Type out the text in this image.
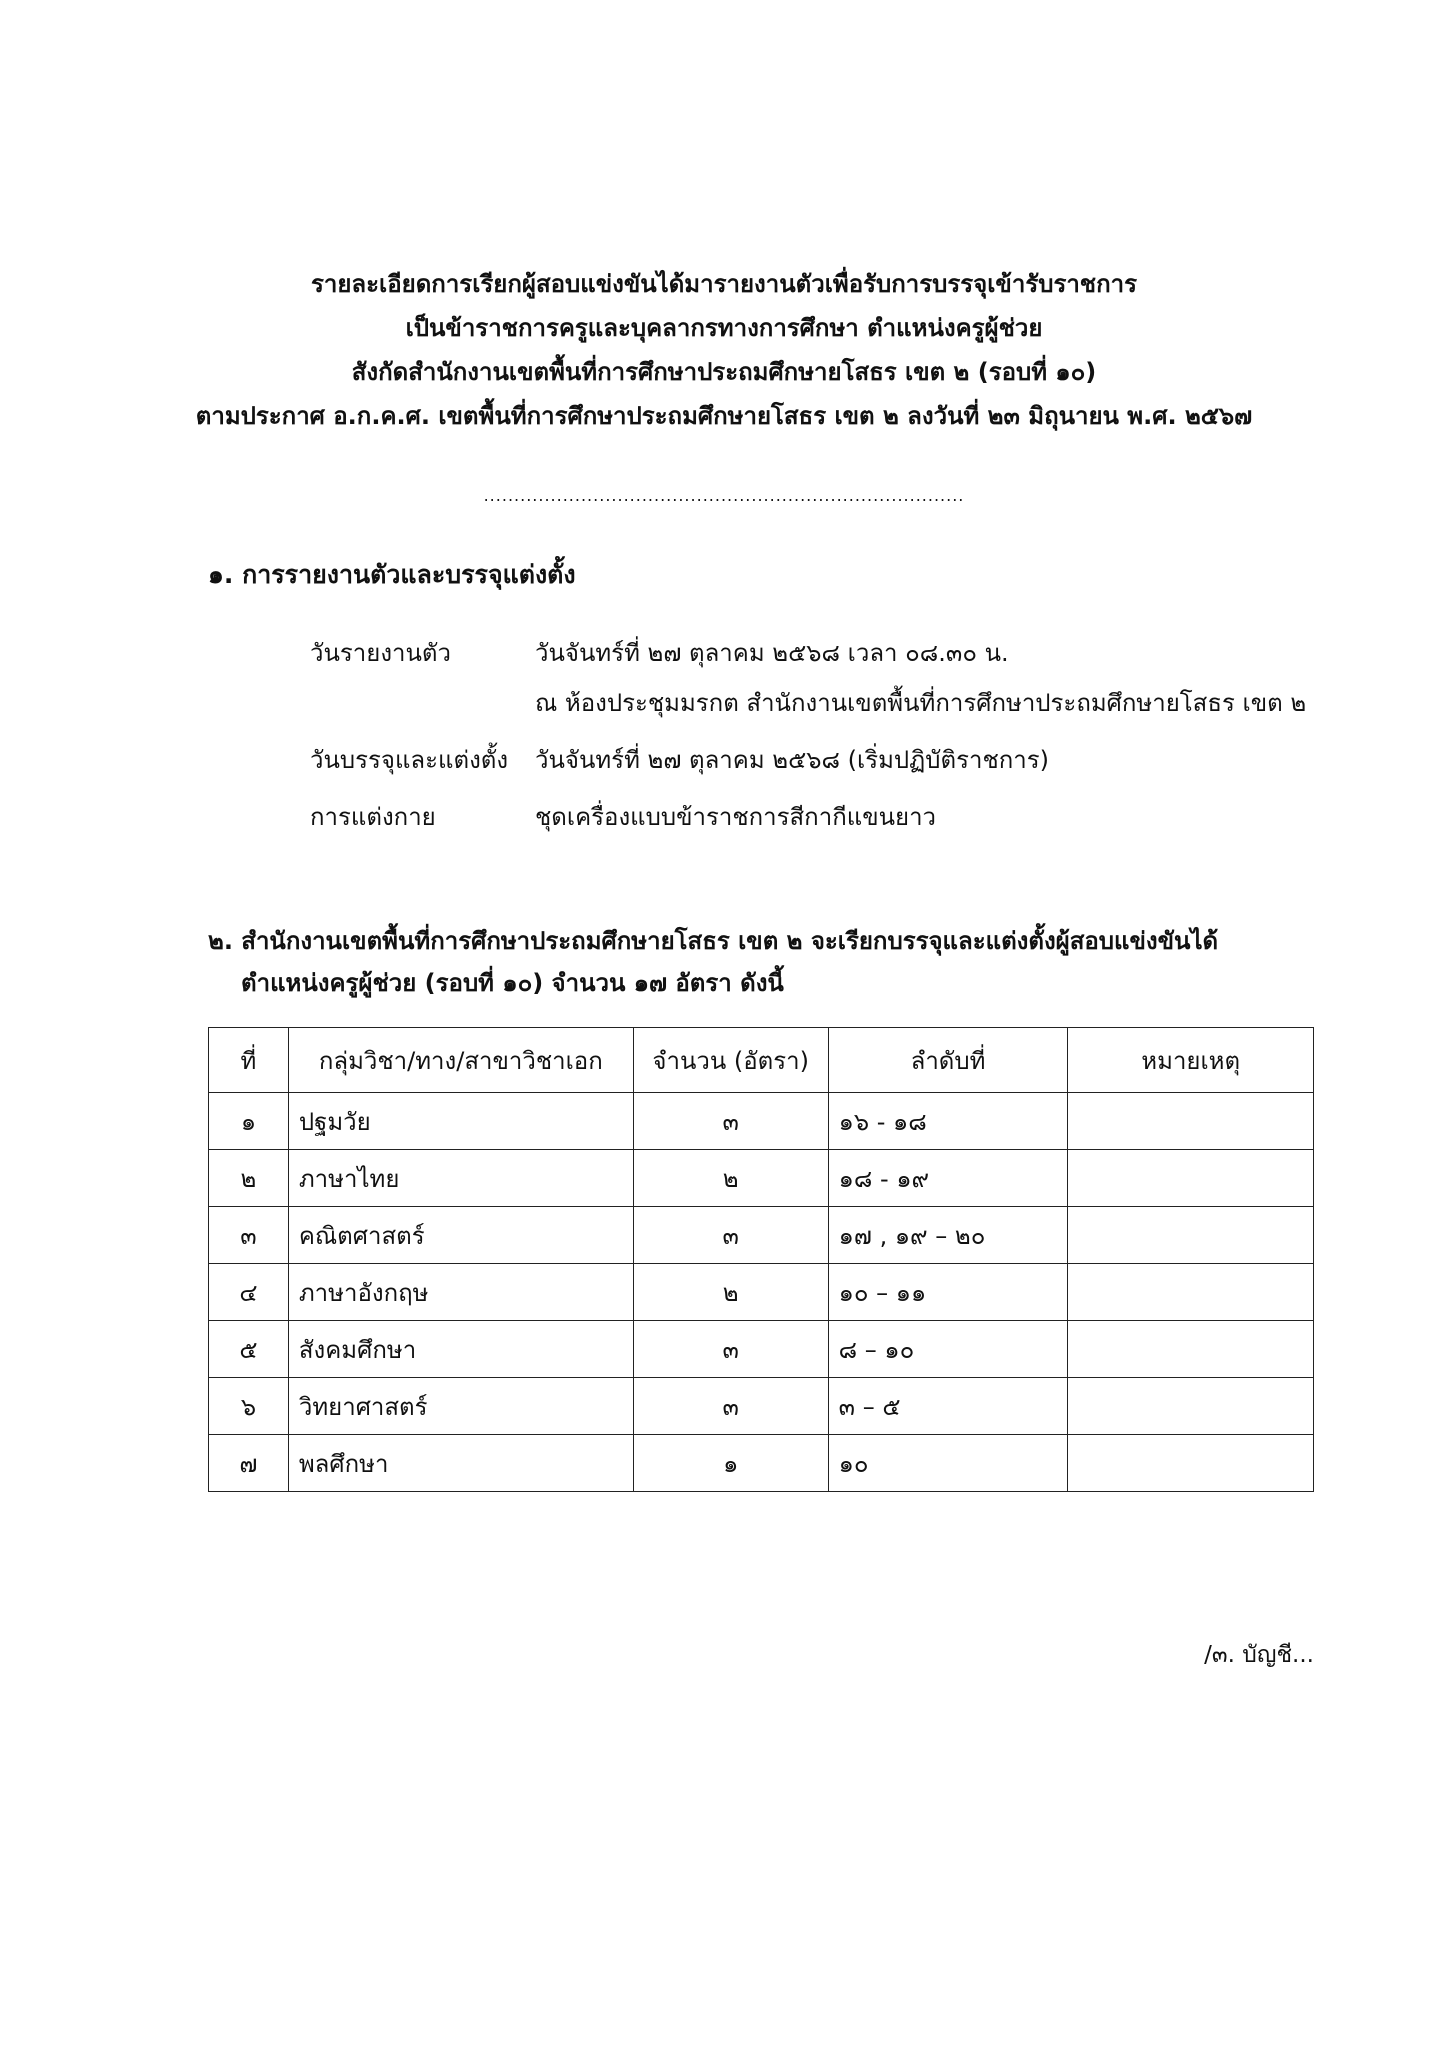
รายละเอียดการเรียกผู้สอบแข่งขันได้มารายงานตัวเพื่อรับการบรรจุเข้ารับราชการ
เป็นข้าราชการครูและบุคลากรทางการศึกษา ตำแหน่งครูผู้ช่วย
สังกัดสำนักงานเขตพื้นที่การศึกษาประถมศึกษายโสธร เขต ๒ (รอบที่ ๑๐)
ตามประกาศ อ.ก.ค.ศ. เขตพื้นที่การศึกษาประถมศึกษายโสธร เขต ๒ ลงวันที่ ๒๓ มิถุนายน พ.ศ. ๒๕๖๗
...............................................................................
๑. การรายงานตัวและบรรจุแต่งตั้ง
วันรายงานตัว	วันจันทร์ที่ ๒๗ ตุลาคม ๒๕๖๘ เวลา ๐๘.๓๐ น.
ณ ห้องประชุมมรกต สำนักงานเขตพื้นที่การศึกษาประถมศึกษายโสธร เขต ๒
วันบรรจุและแต่งตั้ง วันจันทร์ที่ ๒๗ ตุลาคม ๒๕๖๘ (เริ่มปฏิบัติราชการ)
การแต่งกาย	ชุดเครื่องแบบข้าราชการสีกากีแขนยาว
๒. สำนักงานเขตพื้นที่การศึกษาประถมศึกษายโสธร เขต ๒ จะเรียกบรรจุและแต่งตั้งผู้สอบแข่งขันได้
ตำแหน่งครูผู้ช่วย (รอบที่ ๑๐) จำนวน ๑๗ อัตรา ดังนี้
ที่	กลุ่มวิชา/ทาง/สาขาวิชาเอก	จำนวน (อัตรา)	ลำดับที่	หมายเหตุ
๑	ปฐมวัย	๓	๑๖ - ๑๘	
๒	ภาษาไทย	๒	๑๘ - ๑๙	
๓	คณิตศาสตร์	๓	๑๗ , ๑๙ – ๒๐	
๔	ภาษาอังกฤษ	๒	๑๐ – ๑๑	
๕	สังคมศึกษา	๓	๘ – ๑๐	
๖	วิทยาศาสตร์	๓	๓ – ๕	
๗	พลศึกษา	๑	๑๐	
/๓. บัญชี...
